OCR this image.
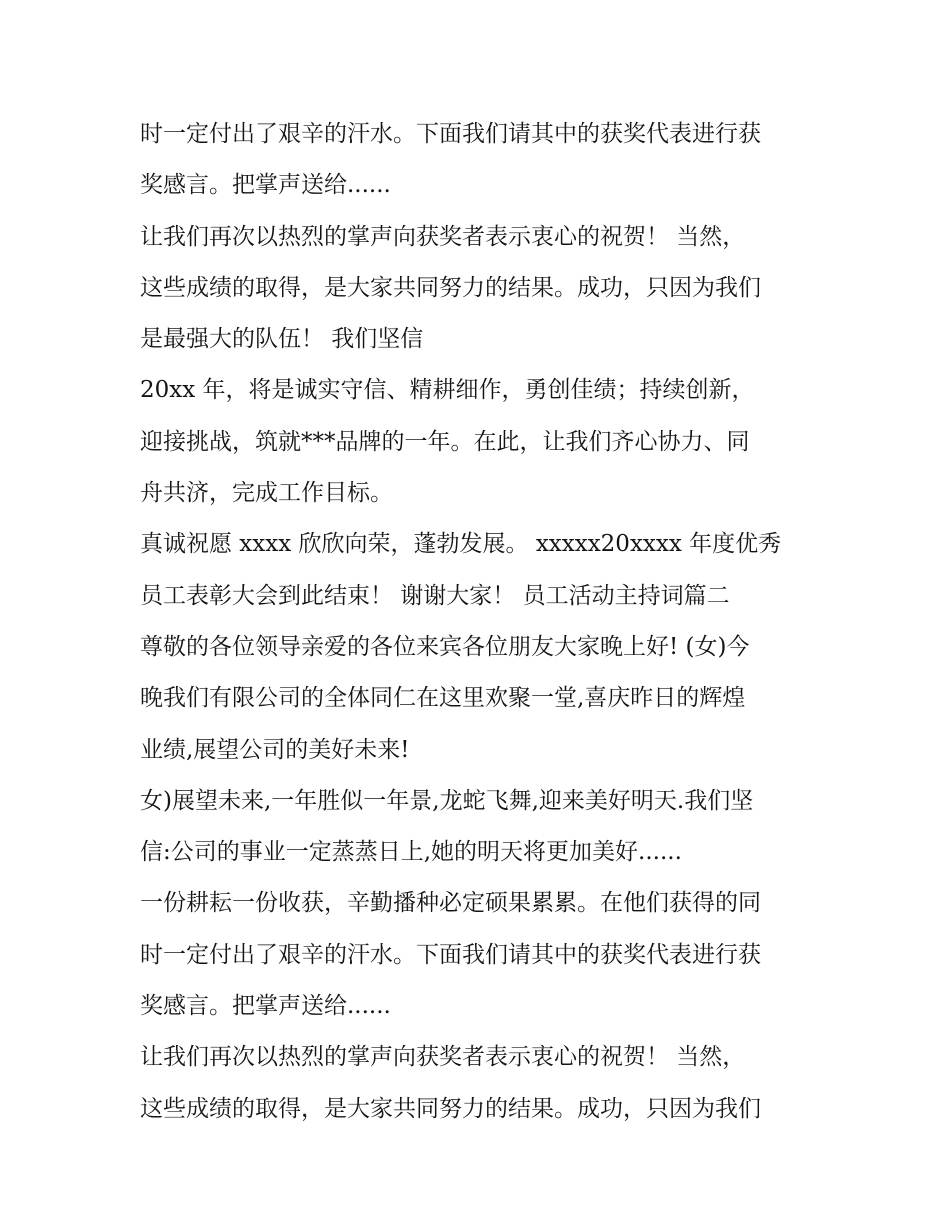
时一定付出了艰辛的汗水。下面我们请其中的获奖代表进行获
奖感言。把掌声送给......
让我们再次以热烈的掌声向获奖者表示衷心的祝贺！ 当然，
这些成绩的取得，是大家共同努力的结果。成功，只因为我们
是最强大的队伍！ 我们坚信
20xx 年，将是诚实守信、精耕细作，勇创佳绩；持续创新，
迎接挑战，筑就***品牌的一年。在此，让我们齐心协力、同
舟共济，完成工作目标。
真诚祝愿 xxxx 欣欣向荣，蓬勃发展。 xxxxx20xxxx 年度优秀
员工表彰大会到此结束！ 谢谢大家！ 员工活动主持词篇二
尊敬的各位领导亲爱的各位来宾各位朋友大家晚上好! (女)今
晚我们有限公司的全体同仁在这里欢聚一堂,喜庆昨日的辉煌
业绩,展望公司的美好未来!
女)展望未来,一年胜似一年景,龙蛇飞舞,迎来美好明天.我们坚
信:公司的事业一定蒸蒸日上,她的明天将更加美好......
一份耕耘一份收获，辛勤播种必定硕果累累。在他们获得的同
时一定付出了艰辛的汗水。下面我们请其中的获奖代表进行获
奖感言。把掌声送给......
让我们再次以热烈的掌声向获奖者表示衷心的祝贺！ 当然，
这些成绩的取得，是大家共同努力的结果。成功，只因为我们
